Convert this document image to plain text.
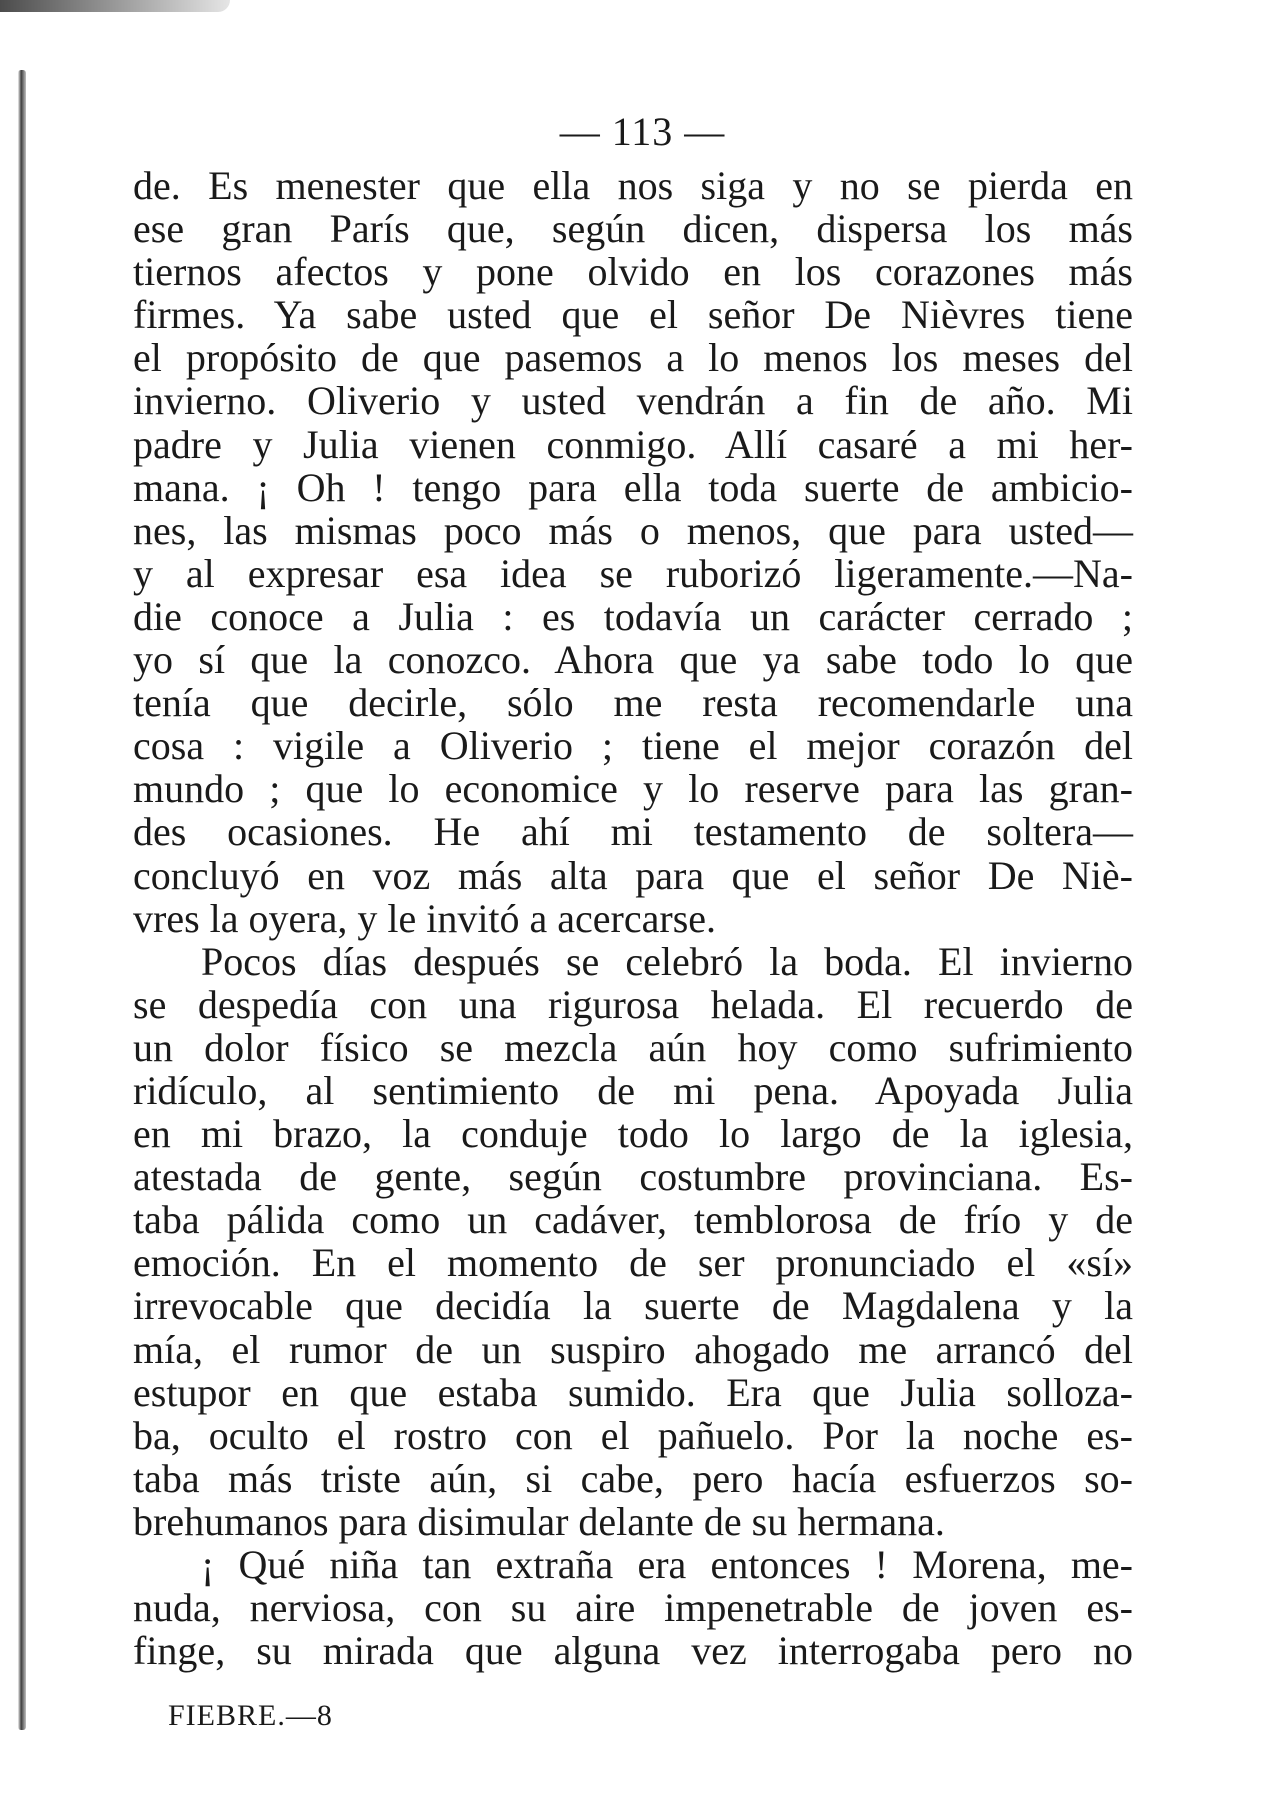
— 113 —
de. Es menester que ella nos siga y no se pierda en
ese gran París que, según dicen, dispersa los más
tiernos afectos y pone olvido en los corazones más
firmes. Ya sabe usted que el señor De Nièvres tiene
el propósito de que pasemos a lo menos los meses del
invierno. Oliverio y usted vendrán a fin de año. Mi
padre y Julia vienen conmigo. Allí casaré a mi her-
mana. ¡ Oh ! tengo para ella toda suerte de ambicio-
nes, las mismas poco más o menos, que para usted—
y al expresar esa idea se ruborizó ligeramente.—Na-
die conoce a Julia : es todavía un carácter cerrado ;
yo sí que la conozco. Ahora que ya sabe todo lo que
tenía que decirle, sólo me resta recomendarle una
cosa : vigile a Oliverio ; tiene el mejor corazón del
mundo ; que lo economice y lo reserve para las gran-
des ocasiones. He ahí mi testamento de soltera—
concluyó en voz más alta para que el señor De Niè-
vres la oyera, y le invitó a acercarse.
Pocos días después se celebró la boda. El invierno
se despedía con una rigurosa helada. El recuerdo de
un dolor físico se mezcla aún hoy como sufrimiento
ridículo, al sentimiento de mi pena. Apoyada Julia
en mi brazo, la conduje todo lo largo de la iglesia,
atestada de gente, según costumbre provinciana. Es-
taba pálida como un cadáver, temblorosa de frío y de
emoción. En el momento de ser pronunciado el «sí»
irrevocable que decidía la suerte de Magdalena y la
mía, el rumor de un suspiro ahogado me arrancó del
estupor en que estaba sumido. Era que Julia solloza-
ba, oculto el rostro con el pañuelo. Por la noche es-
taba más triste aún, si cabe, pero hacía esfuerzos so-
brehumanos para disimular delante de su hermana.
¡ Qué niña tan extraña era entonces ! Morena, me-
nuda, nerviosa, con su aire impenetrable de joven es-
finge, su mirada que alguna vez interrogaba pero no
FIEBRE.—8
